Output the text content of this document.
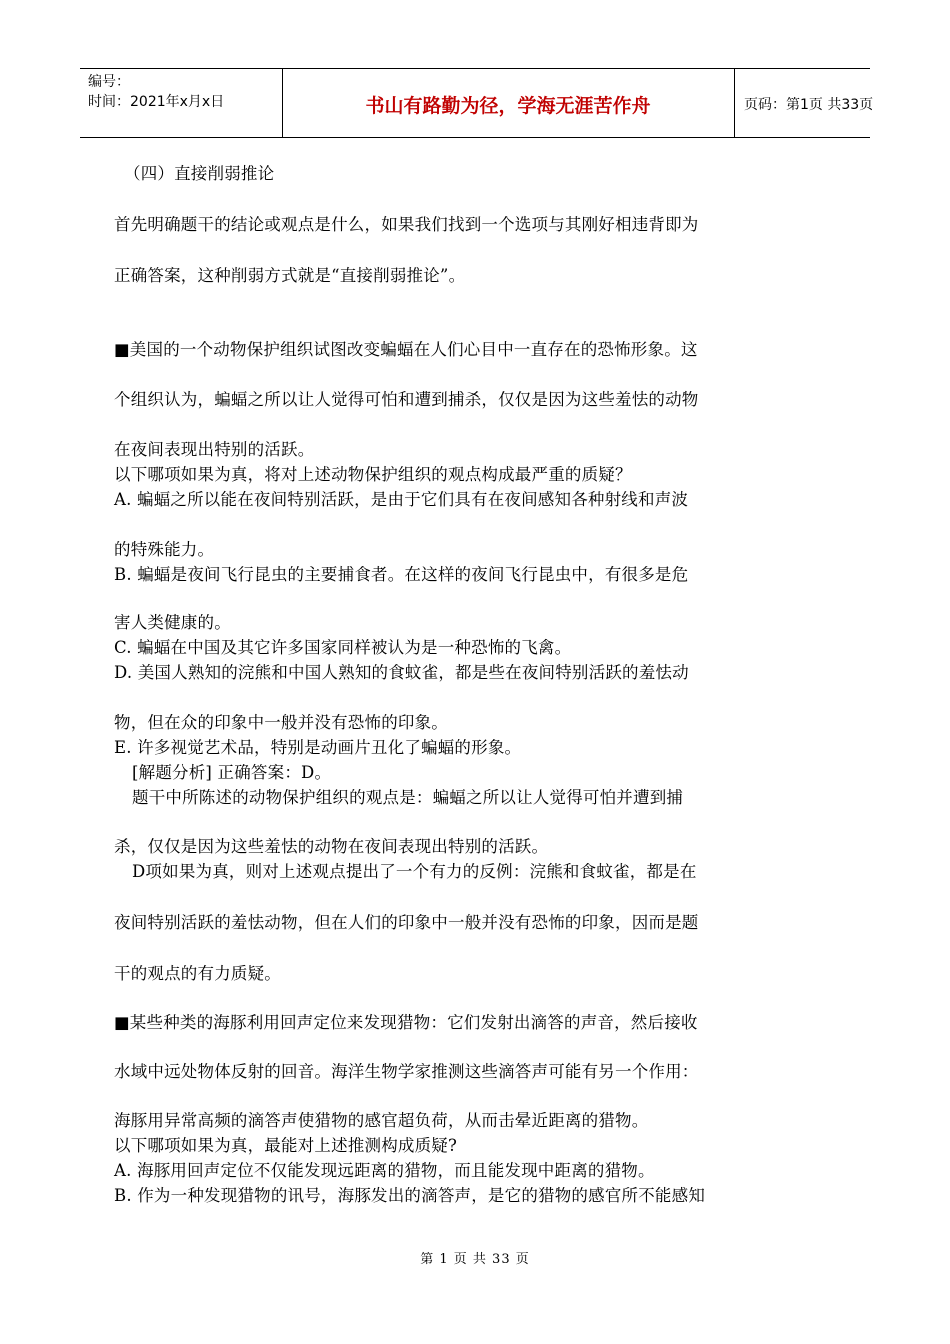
编号：
时间：2021年x月x日	书山有路勤为径，学海无涯苦作舟	页码：第1页 共33页
（四）直接削弱推论
首先明确题干的结论或观点是什么，如果我们找到一个选项与其刚好相违背即为
正确答案，这种削弱方式就是“直接削弱推论”。
■美国的一个动物保护组织试图改变蝙蝠在人们心目中一直存在的恐怖形象。这
个组织认为，蝙蝠之所以让人觉得可怕和遭到捕杀，仅仅是因为这些羞怯的动物
在夜间表现出特别的活跃。
以下哪项如果为真，将对上述动物保护组织的观点构成最严重的质疑？
A. 蝙蝠之所以能在夜间特别活跃，是由于它们具有在夜间感知各种射线和声波
的特殊能力。
B. 蝙蝠是夜间飞行昆虫的主要捕食者。在这样的夜间飞行昆虫中，有很多是危
害人类健康的。
C. 蝙蝠在中国及其它许多国家同样被认为是一种恐怖的飞禽。
D. 美国人熟知的浣熊和中国人熟知的食蚊雀，都是些在夜间特别活跃的羞怯动
物，但在众的印象中一般并没有恐怖的印象。
E. 许多视觉艺术品，特别是动画片丑化了蝙蝠的形象。
[解题分析] 正确答案：D。
题干中所陈述的动物保护组织的观点是：蝙蝠之所以让人觉得可怕并遭到捕
杀，仅仅是因为这些羞怯的动物在夜间表现出特别的活跃。
D项如果为真，则对上述观点提出了一个有力的反例：浣熊和食蚊雀，都是在
夜间特别活跃的羞怯动物，但在人们的印象中一般并没有恐怖的印象，因而是题
干的观点的有力质疑。
■某些种类的海豚利用回声定位来发现猎物：它们发射出滴答的声音，然后接收
水域中远处物体反射的回音。海洋生物学家推测这些滴答声可能有另一个作用：
海豚用异常高频的滴答声使猎物的感官超负荷，从而击晕近距离的猎物。
以下哪项如果为真，最能对上述推测构成质疑?
A. 海豚用回声定位不仅能发现远距离的猎物，而且能发现中距离的猎物。
B. 作为一种发现猎物的讯号，海豚发出的滴答声，是它的猎物的感官所不能感知
第 1 页 共 33 页
